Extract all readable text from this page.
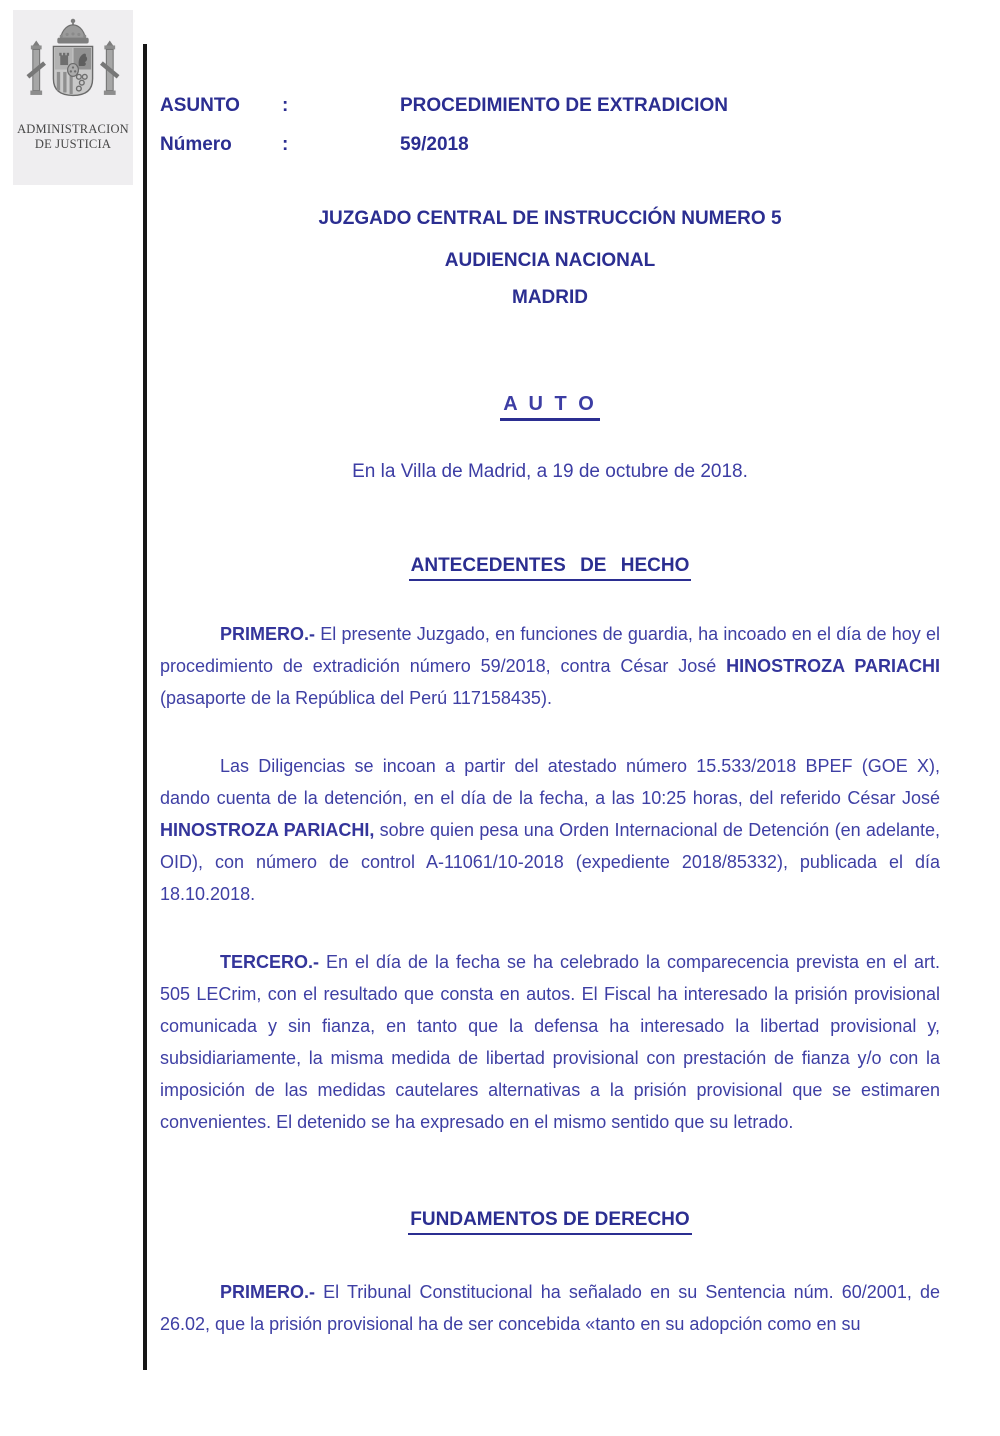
ADMINISTRACION
DE JUSTICIA
ASUNTO	:	PROCEDIMIENTO DE EXTRADICION
Número	:	59/2018
JUZGADO CENTRAL DE INSTRUCCIÓN NUMERO 5
AUDIENCIA NACIONAL
MADRID
A U T O
En la Villa de Madrid, a 19 de octubre de 2018.
ANTECEDENTES DE HECHO
PRIMERO.- El presente Juzgado, en funciones de guardia, ha incoado en el día de hoy el procedimiento de extradición número 59/2018, contra César José HINOSTROZA PARIACHI (pasaporte de la República del Perú 117158435).
Las Diligencias se incoan a partir del atestado número 15.533/2018 BPEF (GOE X), dando cuenta de la detención, en el día de la fecha, a las 10:25 horas, del referido César José HINOSTROZA PARIACHI, sobre quien pesa una Orden Internacional de Detención (en adelante, OID), con número de control A-11061/10-2018 (expediente 2018/85332), publicada el día 18.10.2018.
TERCERO.- En el día de la fecha se ha celebrado la comparecencia prevista en el art. 505 LECrim, con el resultado que consta en autos. El Fiscal ha interesado la prisión provisional comunicada y sin fianza, en tanto que la defensa ha interesado la libertad provisional y, subsidiariamente, la misma medida de libertad provisional con prestación de fianza y/o con la imposición de las medidas cautelares alternativas a la prisión provisional que se estimaren convenientes. El detenido se ha expresado en el mismo sentido que su letrado.
FUNDAMENTOS DE DERECHO
PRIMERO.- El Tribunal Constitucional ha señalado en su Sentencia núm. 60/2001, de 26.02, que la prisión provisional ha de ser concebida «tanto en su adopción como en su
